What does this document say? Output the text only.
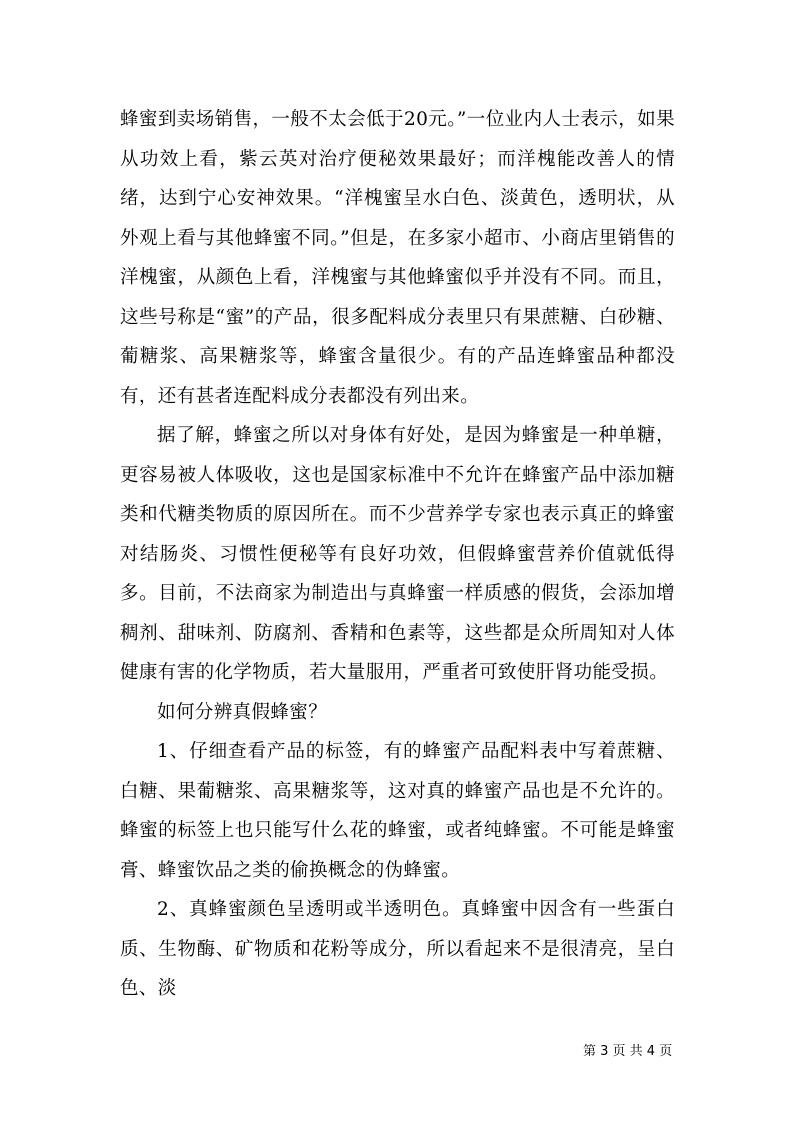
蜂蜜到卖场销售，一般不太会低于20元。”一位业内人士表示，如果从功效上看，紫云英对治疗便秘效果最好；而洋槐能改善人的情绪，达到宁心安神效果。“洋槐蜜呈水白色、淡黄色，透明状，从外观上看与其他蜂蜜不同。”但是，在多家小超市、小商店里销售的洋槐蜜，从颜色上看，洋槐蜜与其他蜂蜜似乎并没有不同。而且，这些号称是“蜜”的产品，很多配料成分表里只有果蔗糖、白砂糖、葡糖浆、高果糖浆等，蜂蜜含量很少。有的产品连蜂蜜品种都没有，还有甚者连配料成分表都没有列出来。

据了解，蜂蜜之所以对身体有好处，是因为蜂蜜是一种单糖，更容易被人体吸收，这也是国家标准中不允许在蜂蜜产品中添加糖类和代糖类物质的原因所在。而不少营养学专家也表示真正的蜂蜜对结肠炎、习惯性便秘等有良好功效，但假蜂蜜营养价值就低得多。目前，不法商家为制造出与真蜂蜜一样质感的假货，会添加增稠剂、甜味剂、防腐剂、香精和色素等，这些都是众所周知对人体健康有害的化学物质，若大量服用，严重者可致使肝肾功能受损。

如何分辨真假蜂蜜？

1、仔细查看产品的标签，有的蜂蜜产品配料表中写着蔗糖、白糖、果葡糖浆、高果糖浆等，这对真的蜂蜜产品也是不允许的。蜂蜜的标签上也只能写什么花的蜂蜜，或者纯蜂蜜。不可能是蜂蜜膏、蜂蜜饮品之类的偷换概念的伪蜂蜜。

2、真蜂蜜颜色呈透明或半透明色。真蜂蜜中因含有一些蛋白质、生物酶、矿物质和花粉等成分，所以看起来不是很清亮，呈白色、淡

第 3 页 共 4 页
